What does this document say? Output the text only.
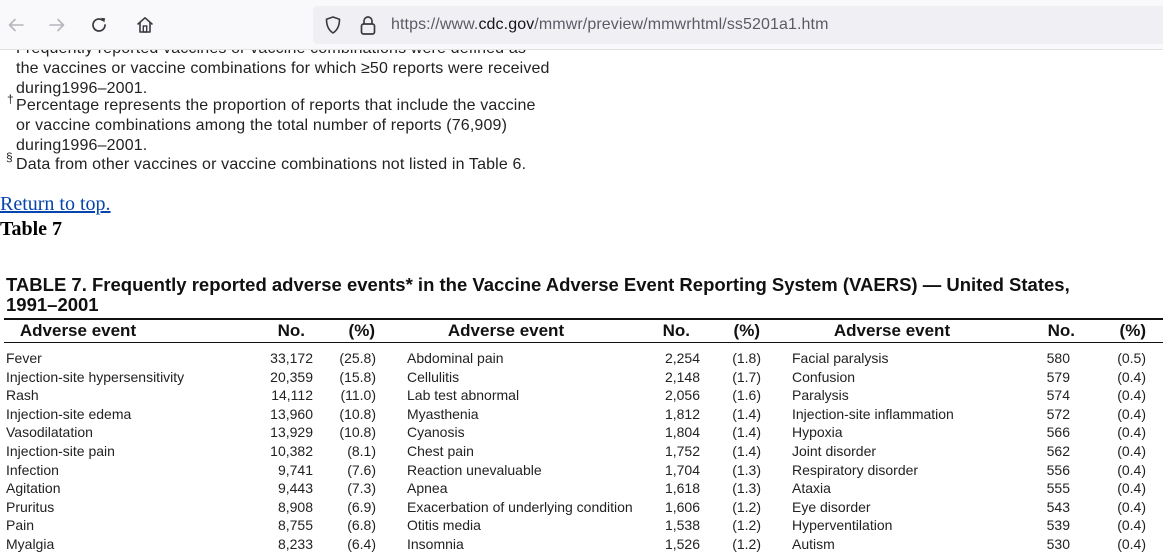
https://www.cdc.gov/mmwr/preview/mmwrhtml/ss5201a1.htm
the vaccines or vaccine combinations for which ≥50 reports were received
during1996–2001.
† Percentage represents the proportion of reports that include the vaccine
or vaccine combinations among the total number of reports (76,909)
during1996–2001.
§ Data from other vaccines or vaccine combinations not listed in Table 6.
Return to top.
Table 7
TABLE 7. Frequently reported adverse events* in the Vaccine Adverse Event Reporting System (VAERS) — United States,
1991–2001
Adverse event	No.	(%)
Fever	33,172	(25.8)
Injection-site hypersensitivity	20,359	(15.8)
Rash	14,112	(11.0)
Injection-site edema	13,960	(10.8)
Vasodilatation	13,929	(10.8)
Injection-site pain	10,382	(8.1)
Infection	9,741	(7.6)
Agitation	9,443	(7.3)
Pruritus	8,908	(6.9)
Pain	8,755	(6.8)
Myalgia	8,233	(6.4)
Adverse event	No.	(%)
Abdominal pain	2,254	(1.8)
Cellulitis	2,148	(1.7)
Lab test abnormal	2,056	(1.6)
Myasthenia	1,812	(1.4)
Cyanosis	1,804	(1.4)
Chest pain	1,752	(1.4)
Reaction unevaluable	1,704	(1.3)
Apnea	1,618	(1.3)
Exacerbation of underlying condition	1,606	(1.2)
Otitis media	1,538	(1.2)
Insomnia	1,526	(1.2)
Adverse event	No.	(%)
Facial paralysis	580	(0.5)
Confusion	579	(0.4)
Paralysis	574	(0.4)
Injection-site inflammation	572	(0.4)
Hypoxia	566	(0.4)
Joint disorder	562	(0.4)
Respiratory disorder	556	(0.4)
Ataxia	555	(0.4)
Eye disorder	543	(0.4)
Hyperventilation	539	(0.4)
Autism	530	(0.4)
